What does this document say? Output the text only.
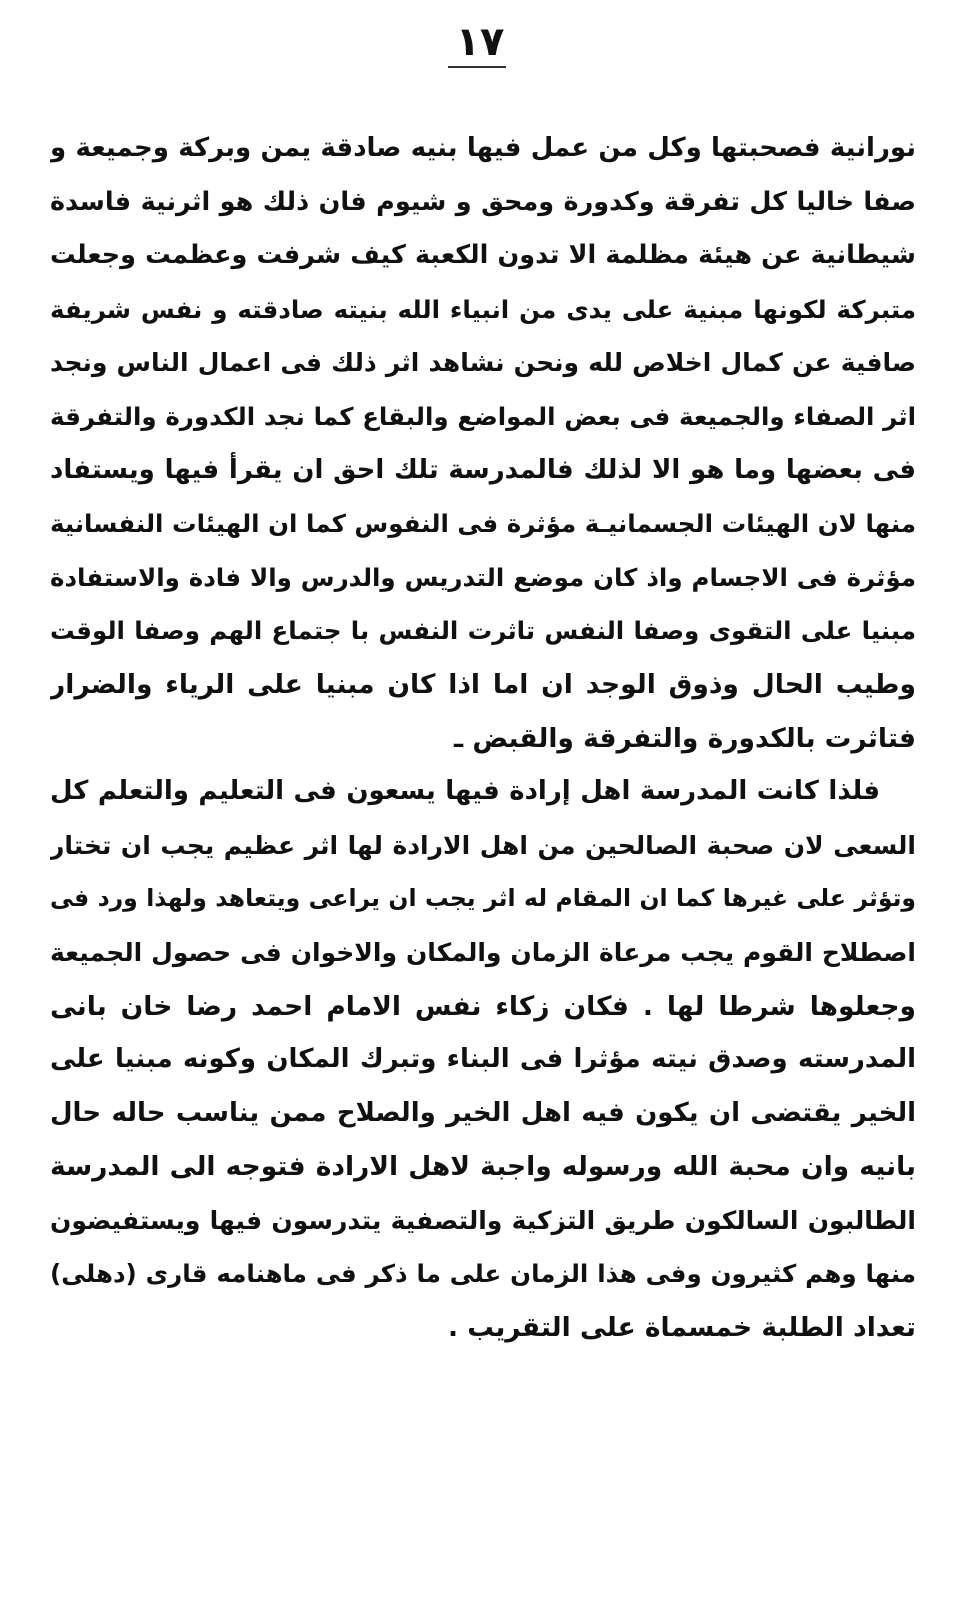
١٧
نورانية فصحبتها وكل من عمل فيها بنيه صادقة يمن وبركة وجميعة و
صفا خاليا كل تفرقة وكدورة ومحق و شيوم فان ذلك هو اثرنية فاسدة
شيطانية عن هيئة مظلمة الا تدون الكعبة كيف شرفت وعظمت وجعلت
متبركة لكونها مبنية على يدى من انبياء الله بنيته صادقته و نفس شريفة
صافية عن كمال اخلاص لله ونحن نشاهد اثر ذلك فى اعمال الناس ونجد
اثر الصفاء والجميعة فى بعض المواضع والبقاع كما نجد الكدورة والتفرقة
فى بعضها وما هو الا لذلك فالمدرسة تلك احق ان يقرأ فيها ويستفاد
منها لان الهيئات الجسمانيـة مؤثرة فى النفوس كما ان الهيئات النفسانية
مؤثرة فى الاجسام واذ كان موضع التدريس والدرس والا فادة والاستفادة
مبنيا على التقوى وصفا النفس تاثرت النفس با جتماع الهم وصفا الوقت
وطيب الحال وذوق الوجد ان اما اذا كان مبنيا على الرياء والضرار
فتاثرت بالكدورة والتفرقة والقبض ـ
فلذا كانت المدرسة اهل إرادة فيها يسعون فى التعليم والتعلم كل
السعى لان صحبة الصالحين من اهل الارادة لها اثر عظيم يجب ان تختار
وتؤثر على غيرها كما ان المقام له اثر يجب ان يراعى ويتعاهد ولهذا ورد فى
اصطلاح القوم يجب مرعاة الزمان والمكان والاخوان فى حصول الجميعة
وجعلوها شرطا لها . فكان زكاء نفس الامام احمد رضا خان بانى
المدرسته وصدق نيته مؤثرا فى البناء وتبرك المكان وكونه مبنيا على
الخير يقتضى ان يكون فيه اهل الخير والصلاح ممن يناسب حاله حال
بانيه وان محبة الله ورسوله واجبة لاهل الارادة فتوجه الى المدرسة
الطالبون السالكون طريق التزكية والتصفية يتدرسون فيها ويستفيضون
منها وهم كثيرون وفى هذا الزمان على ما ذكر فى ماهنامه قارى (دهلى)
تعداد الطلبة خمسماة على التقريب .
